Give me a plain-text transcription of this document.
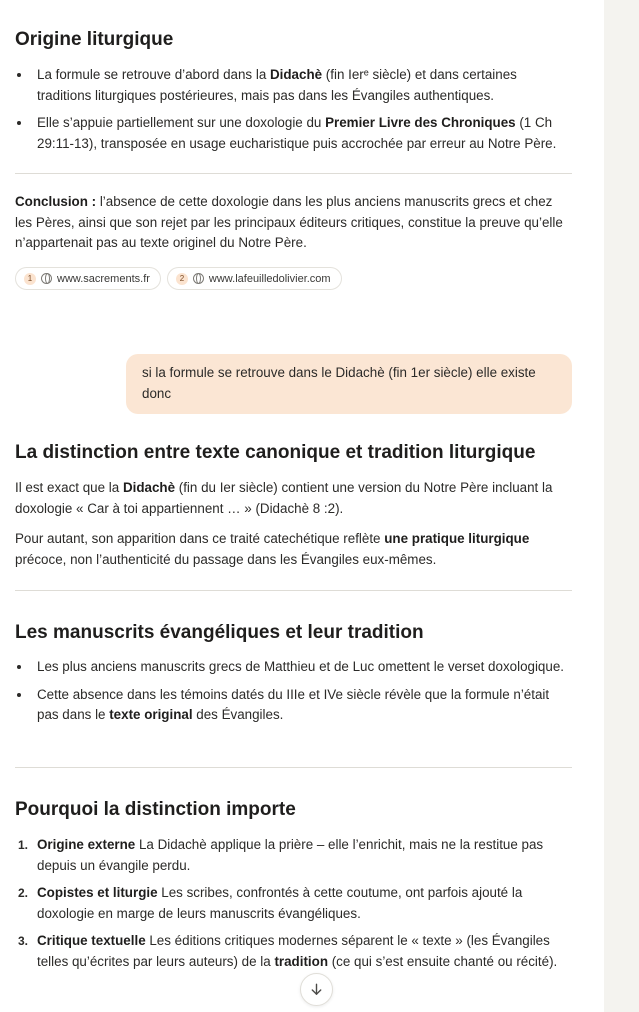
Origine liturgique
La formule se retrouve d’abord dans la Didachè (fin Ierᵉ siècle) et dans certaines traditions liturgiques postérieures, mais pas dans les Évangiles authentiques.
Elle s’appuie partiellement sur une doxologie du Premier Livre des Chroniques (1 Ch 29:11-13), transposée en usage eucharistique puis accrochée par erreur au Notre Père.

Conclusion : l’absence de cette doxologie dans les plus anciens manuscrits grecs et chez les Pères, ainsi que son rejet par les principaux éditeurs critiques, constitue la preuve qu’elle n’appartenait pas au texte originel du Notre Père.

1	www.sacrements.fr	2	www.lafeuilledolivier.com

si la formule se retrouve dans le Didachè (fin 1er siècle) elle existe donc

La distinction entre texte canonique et tradition liturgique

Il est exact que la Didachè (fin du Ier siècle) contient une version du Notre Père incluant la doxologie « Car à toi appartiennent … » (Didachè 8 :2).

Pour autant, son apparition dans ce traité catechétique reflète une pratique liturgique précoce, non l’authenticité du passage dans les Évangiles eux-mêmes.

Les manuscrits évangéliques et leur tradition
Les plus anciens manuscrits grecs de Matthieu et de Luc omettent le verset doxologique.
Cette absence dans les témoins datés du IIIe et IVe siècle révèle que la formule n’était pas dans le texte original des Évangiles.
Pourquoi la distinction importe
1. Origine externe La Didachè applique la prière – elle l’enrichit, mais ne la restitue pas depuis un évangile perdu.
2. Copistes et liturgie Les scribes, confrontés à cette coutume, ont parfois ajouté la doxologie en marge de leurs manuscrits évangéliques.
3. Critique textuelle Les éditions critiques modernes séparent le « texte » (les Évangiles telles qu’écrites par leurs auteurs) de la tradition (ce qui s’est ensuite chanté ou récité).
